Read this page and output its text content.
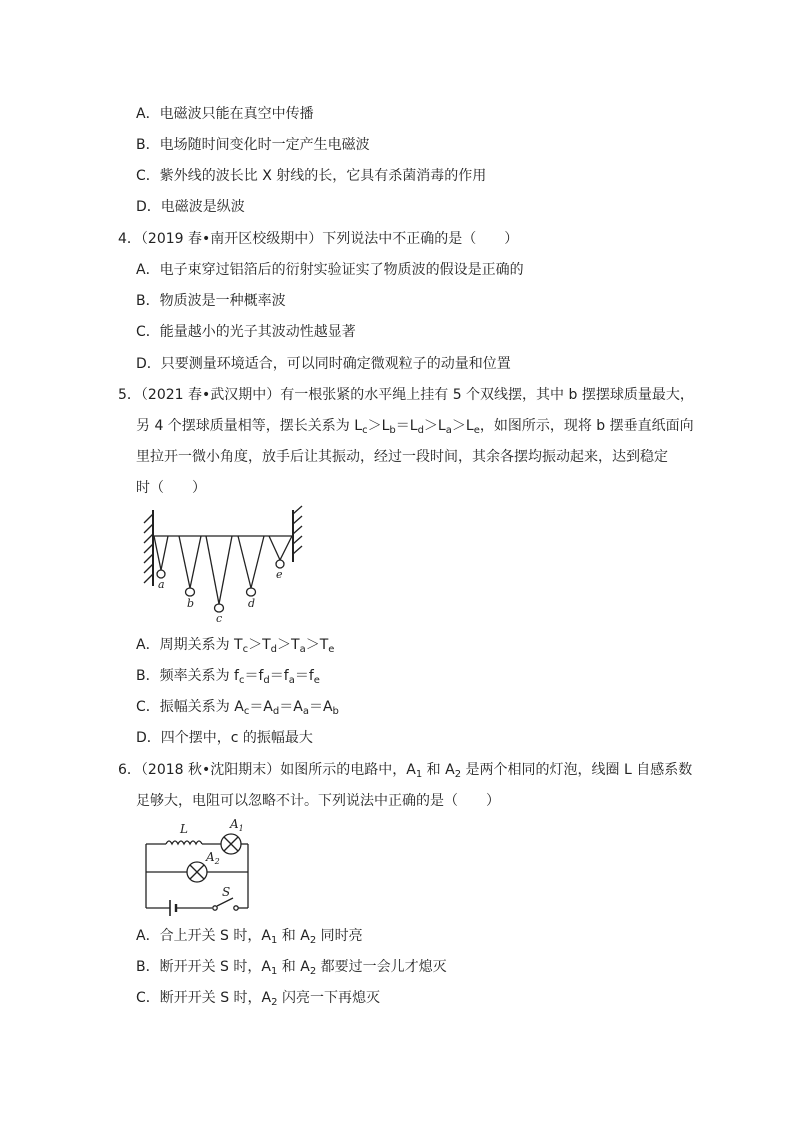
A．电磁波只能在真空中传播
B．电场随时间变化时一定产生电磁波
C．紫外线的波长比 X 射线的长，它具有杀菌消毒的作用
D．电磁波是纵波
4．（2019 春•南开区校级期中）下列说法中不正确的是（　　）
A．电子束穿过铝箔后的衍射实验证实了物质波的假设是正确的
B．物质波是一种概率波
C．能量越小的光子其波动性越显著
D．只要测量环境适合，可以同时确定微观粒子的动量和位置
5．（2021 春•武汉期中）有一根张紧的水平绳上挂有 5 个双线摆，其中 b 摆摆球质量最大，
另 4 个摆球质量相等，摆长关系为 $L_c>L_b=L_d>L_a>L_e$，如图所示，现将 b 摆垂直纸面向
里拉开一微小角度，放手后让其振动，经过一段时间，其余各摆均振动起来，达到稳定
时（　　）
a
b
c
d
e
A．周期关系为 $T_c>T_d>T_a>T_e$
B．频率关系为 $f_c=f_d=f_a=f_e$
C．振幅关系为 $A_c=A_d=A_a=A_b$
D．四个摆中，c 的振幅最大
6．（2018 秋•沈阳期末）如图所示的电路中，$A_1$ 和 $A_2$ 是两个相同的灯泡，线圈 L 自感系数
足够大，电阻可以忽略不计。下列说法中正确的是（　　）
L	$A_1$
$A_2$
S
A．合上开关 S 时，$A_1$ 和 $A_2$ 同时亮
B．断开开关 S 时，$A_1$ 和 $A_2$ 都要过一会儿才熄灭
C．断开开关 S 时，$A_2$ 闪亮一下再熄灭
